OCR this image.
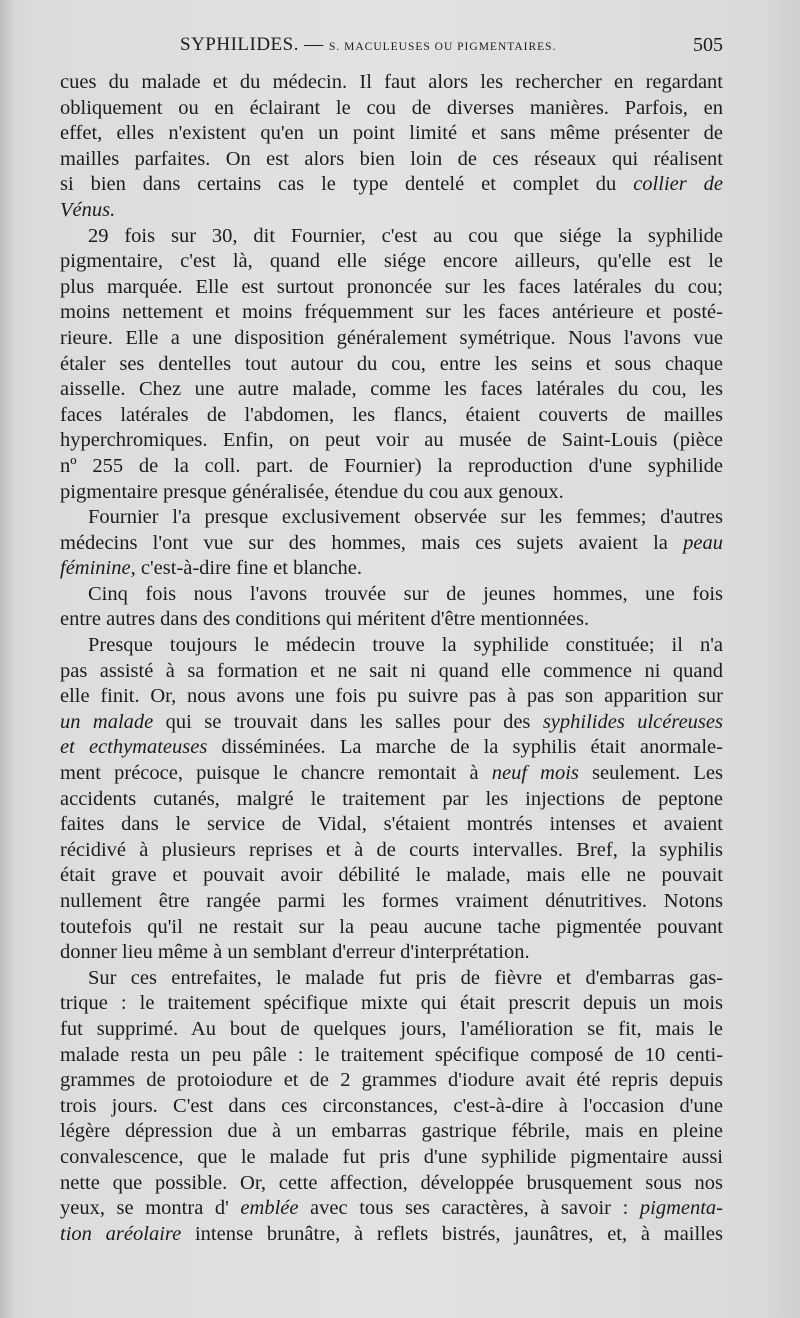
SYPHILIDES. — S. MACULEUSES OU PIGMENTAIRES.	505
cues du malade et du médecin. Il faut alors les rechercher en regardant
obliquement ou en éclairant le cou de diverses manières. Parfois, en
effet, elles n'existent qu'en un point limité et sans même présenter de
mailles parfaites. On est alors bien loin de ces réseaux qui réalisent
si bien dans certains cas le type dentelé et complet du collier de
Vénus.
29 fois sur 30, dit Fournier, c'est au cou que siége la syphilide
pigmentaire, c'est là, quand elle siége encore ailleurs, qu'elle est le
plus marquée. Elle est surtout prononcée sur les faces latérales du cou;
moins nettement et moins fréquemment sur les faces antérieure et posté-
rieure. Elle a une disposition généralement symétrique. Nous l'avons vue
étaler ses dentelles tout autour du cou, entre les seins et sous chaque
aisselle. Chez une autre malade, comme les faces latérales du cou, les
faces latérales de l'abdomen, les flancs, étaient couverts de mailles
hyperchromiques. Enfin, on peut voir au musée de Saint-Louis (pièce
nº 255 de la coll. part. de Fournier) la reproduction d'une syphilide
pigmentaire presque généralisée, étendue du cou aux genoux.
Fournier l'a presque exclusivement observée sur les femmes; d'autres
médecins l'ont vue sur des hommes, mais ces sujets avaient la peau
féminine, c'est-à-dire fine et blanche.
Cinq fois nous l'avons trouvée sur de jeunes hommes, une fois
entre autres dans des conditions qui méritent d'être mentionnées.
Presque toujours le médecin trouve la syphilide constituée; il n'a
pas assisté à sa formation et ne sait ni quand elle commence ni quand
elle finit. Or, nous avons une fois pu suivre pas à pas son apparition sur
un malade qui se trouvait dans les salles pour des syphilides ulcéreuses
et ecthymateuses disséminées. La marche de la syphilis était anormale-
ment précoce, puisque le chancre remontait à neuf mois seulement. Les
accidents cutanés, malgré le traitement par les injections de peptone
faites dans le service de Vidal, s'étaient montrés intenses et avaient
récidivé à plusieurs reprises et à de courts intervalles. Bref, la syphilis
était grave et pouvait avoir débilité le malade, mais elle ne pouvait
nullement être rangée parmi les formes vraiment dénutritives. Notons
toutefois qu'il ne restait sur la peau aucune tache pigmentée pouvant
donner lieu même à un semblant d'erreur d'interprétation.
Sur ces entrefaites, le malade fut pris de fièvre et d'embarras gas-
trique : le traitement spécifique mixte qui était prescrit depuis un mois
fut supprimé. Au bout de quelques jours, l'amélioration se fit, mais le
malade resta un peu pâle : le traitement spécifique composé de 10 centi-
grammes de protoiodure et de 2 grammes d'iodure avait été repris depuis
trois jours. C'est dans ces circonstances, c'est-à-dire à l'occasion d'une
légère dépression due à un embarras gastrique fébrile, mais en pleine
convalescence, que le malade fut pris d'une syphilide pigmentaire aussi
nette que possible. Or, cette affection, développée brusquement sous nos
yeux, se montra d' emblée avec tous ses caractères, à savoir : pigmenta-
tion aréolaire intense brunâtre, à reflets bistrés, jaunâtres, et, à mailles
